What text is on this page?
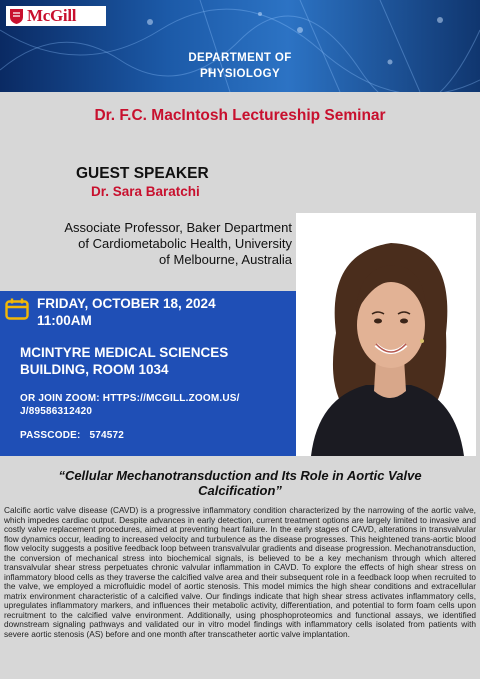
McGill
DEPARTMENT OF
PHYSIOLOGY
Dr. F.C. MacIntosh Lectureship Seminar
GUEST SPEAKER
Dr. Sara Baratchi
Associate Professor, Baker Department
of Cardiometabolic Health, University
of Melbourne, Australia
FRIDAY, OCTOBER 18, 2024
11:00AM
MCINTYRE MEDICAL SCIENCES
BUILDING, ROOM 1034
OR JOIN ZOOM: HTTPS://MCGILL.ZOOM.US/
J/89586312420
PASSCODE: 574572
“Cellular Mechanotransduction and Its Role in Aortic Valve
Calcification”

Calcific aortic valve disease (CAVD) is a progressive inflammatory condition characterized by the narrowing of the aortic valve, which impedes cardiac output. Despite advances in early detection, current treatment options are largely limited to invasive and costly valve replacement procedures, aimed at preventing heart failure. In the early stages of CAVD, alterations in transvalvular flow dynamics occur, leading to increased velocity and turbulence as the disease progresses. This heightened trans-aortic blood flow velocity suggests a positive feedback loop between transvalvular gradients and disease progression. Mechanotransduction, the conversion of mechanical stress into biochemical signals, is believed to be a key mechanism through which altered transvalvular shear stress perpetuates chronic valvular inflammation in CAVD. To explore the effects of high shear stress on inflammatory blood cells as they traverse the calcified valve area and their subsequent role in a feedback loop when recruited to the valve, we employed a microfluidic model of aortic stenosis. This model mimics the high shear conditions and extracellular matrix environment characteristic of a calcified valve. Our findings indicate that high shear stress activates inflammatory cells, upregulates inflammatory markers, and influences their metabolic activity, differentiation, and potential to form foam cells upon recruitment to the calcified valve environment. Additionally, using phosphoproteomics and functional assays, we identified downstream signaling pathways and validated our in vitro model findings with inflammatory cells isolated from patients with severe aortic stenosis (AS) before and one month after transcatheter aortic valve implantation.
